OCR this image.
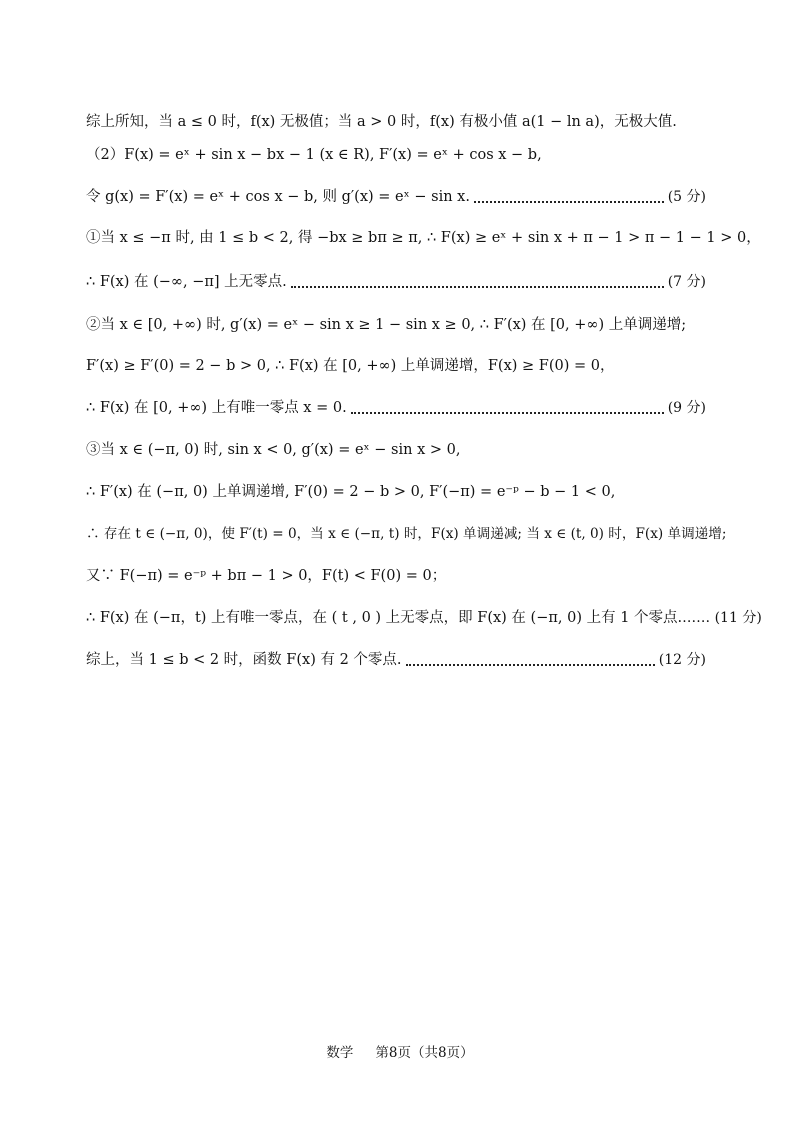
综上所知，当 a ≤ 0 时，f(x) 无极值；当 a > 0 时，f(x) 有极小值 a(1 − ln a)，无极大值.
（2）F(x) = eˣ + sin x − bx − 1 (x ∈ R), F′(x) = eˣ + cos x − b,
令 g(x) = F′(x) = eˣ + cos x − b, 则 g′(x) = eˣ − sin x.	(5 分)
①当 x ≤ −π 时, 由 1 ≤ b < 2, 得 −bx ≥ bπ ≥ π, ∴ F(x) ≥ eˣ + sin x + π − 1 > π − 1 − 1 > 0，
∴ F(x) 在 (−∞, −π] 上无零点.	(7 分)
②当 x ∈ [0, +∞) 时, g′(x) = eˣ − sin x ≥ 1 − sin x ≥ 0, ∴ F′(x) 在 [0, +∞) 上单调递增;
F′(x) ≥ F′(0) = 2 − b > 0, ∴ F(x) 在 [0, +∞) 上单调递增，F(x) ≥ F(0) = 0，
∴ F(x) 在 [0, +∞) 上有唯一零点 x = 0.	(9 分)
③当 x ∈ (−π, 0) 时, sin x < 0, g′(x) = eˣ − sin x > 0,
∴ F′(x) 在 (−π, 0) 上单调递增, F′(0) = 2 − b > 0, F′(−π) = e⁻ᵖ − b − 1 < 0,
∴ 存在 t ∈ (−π, 0)，使 F′(t) = 0，当 x ∈ (−π, t) 时，F(x) 单调递减; 当 x ∈ (t, 0) 时，F(x) 单调递增;
又∵ F(−π) = e⁻ᵖ + bπ − 1 > 0，F(t) < F(0) = 0；
∴ F(x) 在 (−π，t) 上有唯一零点，在 ( t , 0 ) 上无零点，即 F(x) 在 (−π, 0) 上有 1 个零点. …… (11 分)
综上，当 1 ≤ b < 2 时，函数 F(x) 有 2 个零点.	(12 分)
数学 第8页（共8页）
